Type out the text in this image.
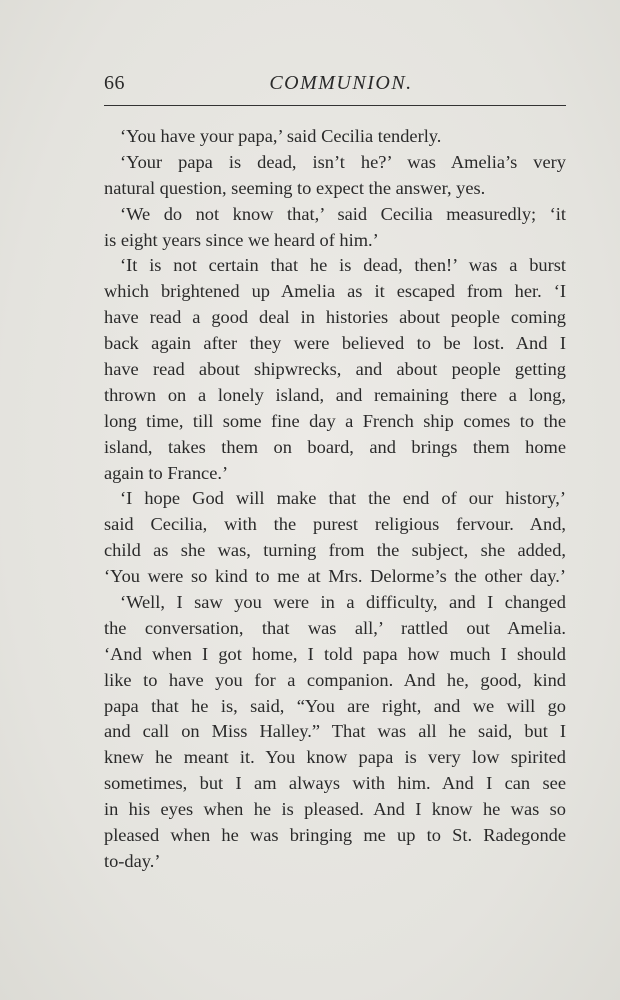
66	COMMUNION.
‘You have your papa,’ said Cecilia tenderly.
‘Your papa is dead, isn’t he?’ was Amelia’s very
natural question, seeming to expect the answer, yes.
‘We do not know that,’ said Cecilia measuredly; ‘it
is eight years since we heard of him.’
‘It is not certain that he is dead, then!’ was a burst
which brightened up Amelia as it escaped from her. ‘I
have read a good deal in histories about people coming
back again after they were believed to be lost. And I
have read about shipwrecks, and about people getting
thrown on a lonely island, and remaining there a long,
long time, till some fine day a French ship comes to the
island, takes them on board, and brings them home
again to France.’
‘I hope God will make that the end of our history,’
said Cecilia, with the purest religious fervour. And,
child as she was, turning from the subject, she added,
‘You were so kind to me at Mrs. Delorme’s the other day.’
‘Well, I saw you were in a difficulty, and I changed
the conversation, that was all,’ rattled out Amelia.
‘And when I got home, I told papa how much I should
like to have you for a companion. And he, good, kind
papa that he is, said, “You are right, and we will go
and call on Miss Halley.” That was all he said, but I
knew he meant it. You know papa is very low spirited
sometimes, but I am always with him. And I can see
in his eyes when he is pleased. And I know he was so
pleased when he was bringing me up to St. Radegonde
to-day.’
